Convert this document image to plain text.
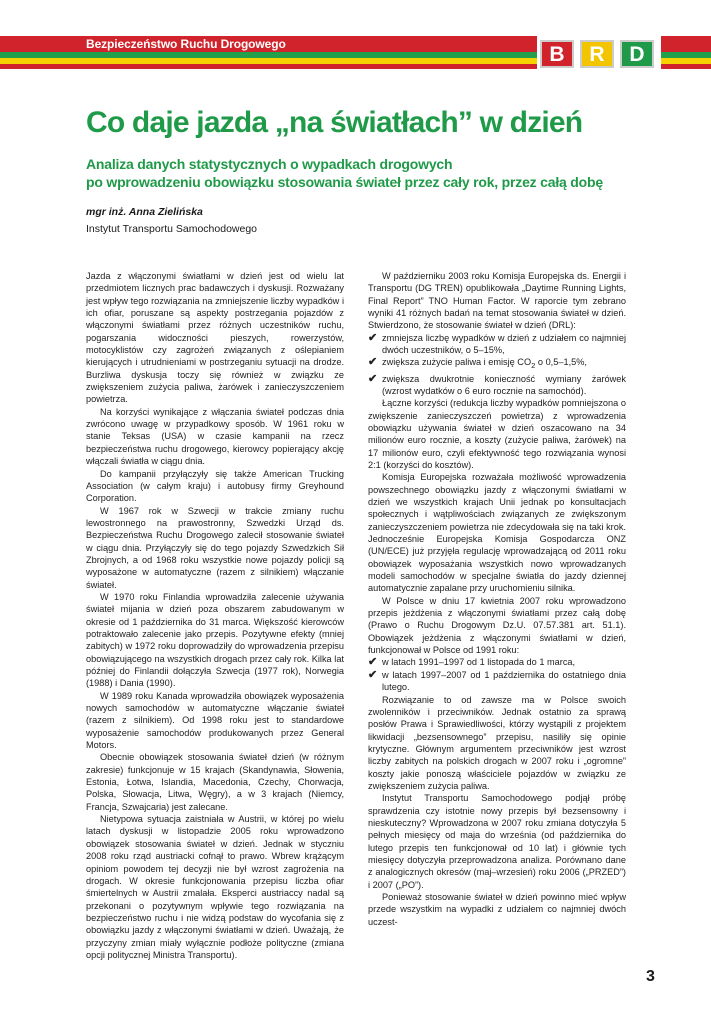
Bezpieczeństwo Ruchu Drogowego	B	R	D
Co daje jazda „na światłach” w dzień
Analiza danych statystycznych o wypadkach drogowych
po wprowadzeniu obowiązku stosowania świateł przez cały rok, przez całą dobę
mgr inż. Anna Zielińska
Instytut Transportu Samochodowego

Jazda z włączonymi światłami w dzień jest od wielu lat przedmiotem licznych prac badawczych i dyskusji. Rozważany jest wpływ tego rozwiązania na zmniejszenie liczby wypadków i ich ofiar, poruszane są aspekty postrzegania pojazdów z włączonymi światłami przez różnych uczestników ruchu, pogarszania widoczności pieszych, rowerzystów, motocyklistów czy zagrożeń związanych z oślepianiem kierujących i utrudnieniami w postrzeganiu sytuacji na drodze. Burzliwa dyskusja toczy się również w związku ze zwiększeniem zużycia paliwa, żarówek i zanieczyszczeniem powietrza.

Na korzyści wynikające z włączania świateł podczas dnia zwrócono uwagę w przypadkowy sposób. W 1961 roku w stanie Teksas (USA) w czasie kampanii na rzecz bezpieczeństwa ruchu drogowego, kierowcy popierający akcję włączali światła w ciągu dnia.

Do kampanii przyłączyły się także American Trucking Association (w całym kraju) i autobusy firmy Greyhound Corporation.

W 1967 rok w Szwecji w trakcie zmiany ruchu lewostronnego na prawostronny, Szwedzki Urząd ds. Bezpieczeństwa Ruchu Drogowego zalecił stosowanie świateł w ciągu dnia. Przyłączyły się do tego pojazdy Szwedzkich Sił Zbrojnych, a od 1968 roku wszystkie nowe pojazdy policji są wyposażone w automatyczne (razem z silnikiem) włączanie świateł.

W 1970 roku Finlandia wprowadziła zalecenie używania świateł mijania w dzień poza obszarem zabudowanym w okresie od 1 października do 31 marca. Większość kierowców potraktowało zalecenie jako przepis. Pozytywne efekty (mniej zabitych) w 1972 roku doprowadziły do wprowadzenia przepisu obowiązującego na wszystkich drogach przez cały rok. Kilka lat później do Finlandii dołączyła Szwecja (1977 rok), Norwegia (1988) i Dania (1990).

W 1989 roku Kanada wprowadziła obowiązek wyposażenia nowych samochodów w automatyczne włączanie świateł (razem z silnikiem). Od 1998 roku jest to standardowe wyposażenie samochodów produkowanych przez General Motors.

Obecnie obowiązek stosowania świateł dzień (w różnym zakresie) funkcjonuje w 15 krajach (Skandynawia, Słowenia, Estonia, Łotwa, Islandia, Macedonia, Czechy, Chorwacja, Polska, Słowacja, Litwa, Węgry), a w 3 krajach (Niemcy, Francja, Szwajcaria) jest zalecane.

Nietypowa sytuacja zaistniała w Austrii, w której po wielu latach dyskusji w listopadzie 2005 roku wprowadzono obowiązek stosowania świateł w dzień. Jednak w styczniu 2008 roku rząd austriacki cofnął to prawo. Wbrew krążącym opiniom powodem tej decyzji nie był wzrost zagrożenia na drogach. W okresie funkcjonowania przepisu liczba ofiar śmiertelnych w Austrii zmalała. Eksperci austriaccy nadal są przekonani o pozytywnym wpływie tego rozwiązania na bezpieczeństwo ruchu i nie widzą podstaw do wycofania się z obowiązku jazdy z włączonymi światłami w dzień. Uważają, że przyczyny zmian miały wyłącznie podłoże polityczne (zmiana opcji politycznej Ministra Transportu).

W październiku 2003 roku Komisja Europejska ds. Energii i Transportu (DG TREN) opublikowała „Daytime Running Lights, Final Report” TNO Human Factor. W raporcie tym zebrano wyniki 41 różnych badań na temat stosowania świateł w dzień. Stwierdzono, że stosowanie świateł w dzień (DRL):

✔ zmniejsza liczbę wypadków w dzień z udziałem co najmniej dwóch uczestników, o 5–15%,
✔ zwiększa zużycie paliwa i emisję $CO_2$ o 0,5–1,5%,
✔ zwiększa dwukrotnie konieczność wymiany żarówek (wzrost wydatków o 6 euro rocznie na samochód).

Łączne korzyści (redukcja liczby wypadków pomniejszona o zwiększenie zanieczyszczeń powietrza) z wprowadzenia obowiązku używania świateł w dzień oszacowano na 34 milionów euro rocznie, a koszty (zużycie paliwa, żarówek) na 17 milionów euro, czyli efektywność tego rozwiązania wynosi 2:1 (korzyści do kosztów).

Komisja Europejska rozważała możliwość wprowadzenia powszechnego obowiązku jazdy z włączonymi światłami w dzień we wszystkich krajach Unii jednak po konsultacjach społecznych i wątpliwościach związanych ze zwiększonym zanieczyszczeniem powietrza nie zdecydowała się na taki krok. Jednocześnie Europejska Komisja Gospodarcza ONZ (UN/ECE) już przyjęła regulację wprowadzającą od 2011 roku obowiązek wyposażania wszystkich nowo wprowadzanych modeli samochodów w specjalne światła do jazdy dziennej automatycznie zapalane przy uruchomieniu silnika.

W Polsce w dniu 17 kwietnia 2007 roku wprowadzono przepis jeżdżenia z włączonymi światłami przez całą dobę (Prawo o Ruchu Drogowym Dz.U. 07.57.381 art. 51.1). Obowiązek jeżdżenia z włączonymi światłami w dzień, funkcjonował w Polsce od 1991 roku:

✔ w latach 1991–1997 od 1 listopada do 1 marca,
✔ w latach 1997–2007 od 1 października do ostatniego dnia lutego.

Rozwiązanie to od zawsze ma w Polsce swoich zwolenników i przeciwników. Jednak ostatnio za sprawą posłów Prawa i Sprawiedliwości, którzy wystąpili z projektem likwidacji „bezsensownego” przepisu, nasiliły się opinie krytyczne. Głównym argumentem przeciwników jest wzrost liczby zabitych na polskich drogach w 2007 roku i „ogromne” koszty jakie ponoszą właściciele pojazdów w związku ze zwiększeniem zużycia paliwa.

Instytut Transportu Samochodowego podjął próbę sprawdzenia czy istotnie nowy przepis był bezsensowny i nieskuteczny? Wprowadzona w 2007 roku zmiana dotyczyła 5 pełnych miesięcy od maja do września (od października do lutego przepis ten funkcjonował od 10 lat) i głównie tych miesięcy dotyczyła przeprowadzona analiza. Porównano dane z analogicznych okresów (maj–wrzesień) roku 2006 („PRZED”) i 2007 („PO”).

Ponieważ stosowanie świateł w dzień powinno mieć wpływ przede wszystkim na wypadki z udziałem co najmniej dwóch uczest-

3
